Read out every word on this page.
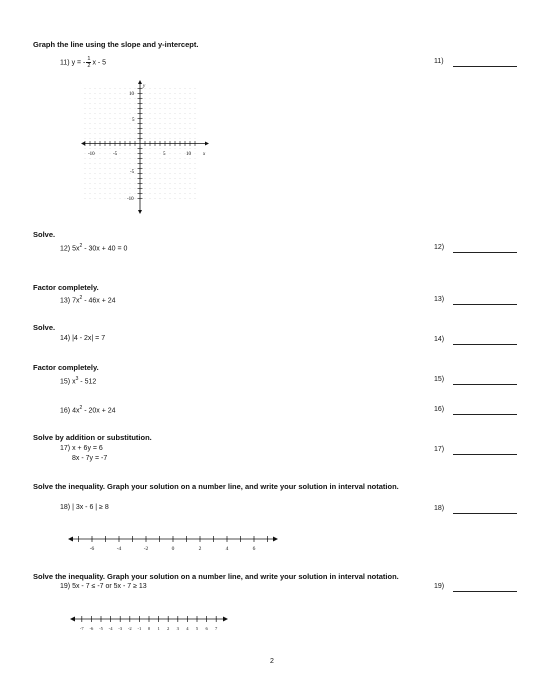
Graph the line using the slope and y-intercept.
11) y = - $\frac{1}{2}$ x - 5	11)
-10	-5	5	10 x
10
5
-5
-10
y
Solve.
12) $5x^2 - 30x + 40 = 0$	12)
Factor completely.
13) $7x^2 - 46x + 24$	13)
Solve.
14) |4 - 2x| = 7	14)
Factor completely.
15) $x^3 - 512$	15)
16) $4x^2 - 20x + 24$	16)
Solve by addition or substitution.
17) x + 6y = 6
8x - 7y = -7
17)
Solve the inequality. Graph your solution on a number line, and write your solution in interval notation.
18) | 3x - 6 | ≥ 8	18)
-6	-4	-2	0	2	4	6
Solve the inequality. Graph your solution on a number line, and write your solution in interval notation.
19) 5x - 7 ≤ -7 or 5x - 7 ≥ 13	19)
-7 -6 -5 -4 -3 -2 -1 0 1 2 3 4 5 6 7
2
